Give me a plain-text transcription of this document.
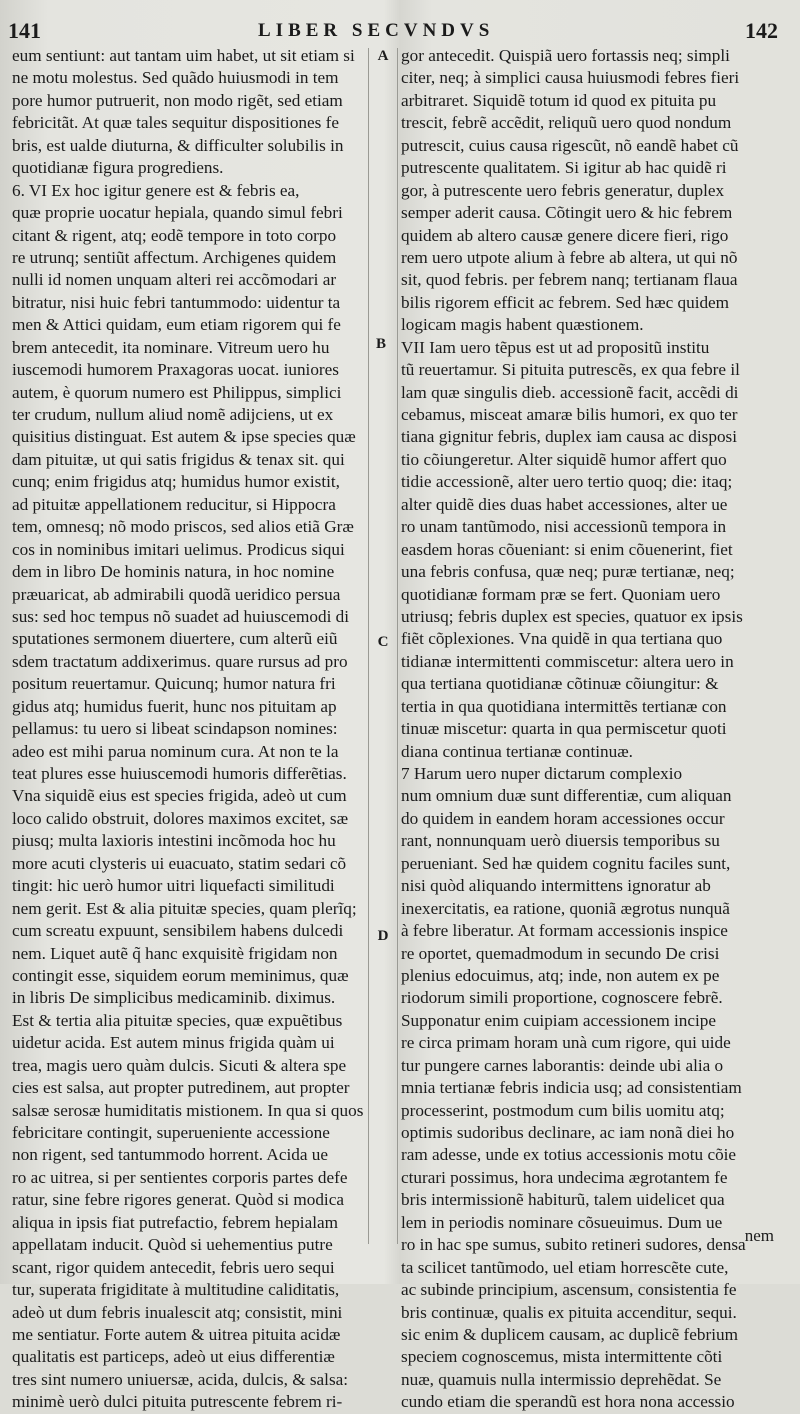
141	LIBER SECVNDVS	142
A
B
C
D
eum sentiunt: aut tantam uim habet, ut sit etiam si
ne motu molestus. Sed quãdo huiusmodi in tem
pore humor putruerit, non modo rigẽt, sed etiam
febricitãt. At quæ tales sequitur dispositiones fe
bris, est ualde diuturna, & difficulter solubilis in
quotidianæ figura progrediens.
6. VI Ex hoc igitur genere est & febris ea,
quæ proprie uocatur hepiala, quando simul febri
citant & rigent, atq; eodẽ tempore in toto corpo
re utrunq; sentiũt affectum. Archigenes quidem
nulli id nomen unquam alteri rei accõmodari ar
bitratur, nisi huic febri tantummodo: uidentur ta
men & Attici quidam, eum etiam rigorem qui fe
brem antecedit, ita nominare. Vitreum uero hu
iuscemodi humorem Praxagoras uocat. iuniores
autem, è quorum numero est Philippus, simplici
ter crudum, nullum aliud nomẽ adijciens, ut ex
quisitius distinguat. Est autem & ipse species quæ
dam pituitæ, ut qui satis frigidus & tenax sit. qui
cunq; enim frigidus atq; humidus humor existit,
ad pituitæ appellationem reducitur, si Hippocra
tem, omnesq; nõ modo priscos, sed alios etiã Græ
cos in nominibus imitari uelimus. Prodicus siqui
dem in libro De hominis natura, in hoc nomine
præuaricat, ab admirabili quodã ueridico persua
sus: sed hoc tempus nõ suadet ad huiuscemodi di
sputationes sermonem diuertere, cum alterũ eiũ
sdem tractatum addixerimus. quare rursus ad pro
positum reuertamur. Quicunq; humor natura fri
gidus atq; humidus fuerit, hunc nos pituitam ap
pellamus: tu uero si libeat scindapson nomines:
adeo est mihi parua nominum cura. At non te la
teat plures esse huiuscemodi humoris differẽtias.
Vna siquidẽ eius est species frigida, adeò ut cum
loco calido obstruit, dolores maximos excitet, sæ
piusq; multa laxioris intestini incõmoda hoc hu
more acuti clysteris ui euacuato, statim sedari cõ
tingit: hic uerò humor uitri liquefacti similitudi
nem gerit. Est & alia pituitæ species, quam plerĩq;
cum screatu expuunt, sensibilem habens dulcedi
nem. Liquet autẽ q̃ hanc exquisitè frigidam non
contingit esse, siquidem eorum meminimus, quæ
in libris De simplicibus medicaminib. diximus.
Est & tertia alia pituitæ species, quæ expuẽtibus
uidetur acida. Est autem minus frigida quàm ui
trea, magis uero quàm dulcis. Sicuti & altera spe
cies est salsa, aut propter putredinem, aut propter
salsæ serosæ humiditatis mistionem. In qua si quos
febricitare contingit, superueniente accessione
non rigent, sed tantummodo horrent. Acida ue
ro ac uitrea, si per sentientes corporis partes defe
ratur, sine febre rigores generat. Quòd si modica
aliqua in ipsis fiat putrefactio, febrem hepialam
appellatam inducit. Quòd si uehementius putre
scant, rigor quidem antecedit, febris uero sequi
tur, superata frigiditate à multitudine caliditatis,
adeò ut dum febris inualescit atq; consistit, mini
me sentiatur. Forte autem & uitrea pituita acidæ
qualitatis est particeps, adeò ut eius differentiæ
tres sint numero uniuersæ, acida, dulcis, & salsa:
minimè uerò dulci pituita putrescente febrem ri-
gor antecedit. Quispiã uero fortassis neq; simpli
citer, neq; à simplici causa huiusmodi febres fieri
arbitraret. Siquidẽ totum id quod ex pituita pu
trescit, febrẽ accẽdit, reliquũ uero quod nondum
putrescit, cuius causa rigescũt, nõ eandẽ habet cũ
putrescente qualitatem. Si igitur ab hac quidẽ ri
gor, à putrescente uero febris generatur, duplex
semper aderit causa. Cõtingit uero & hic febrem
quidem ab altero causæ genere dicere fieri, rigo
rem uero utpote alium à febre ab altera, ut qui nõ
sit, quod febris. per febrem nanq; tertianam flaua
bilis rigorem efficit ac febrem. Sed hæc quidem
logicam magis habent quæstionem.
VII Iam uero tẽpus est ut ad propositũ institu
tũ reuertamur. Si pituita putrescẽs, ex qua febre il
lam quæ singulis dieb. accessionẽ facit, accẽdi di
cebamus, misceat amaræ bilis humori, ex quo ter
tiana gignitur febris, duplex iam causa ac disposi
tio cõiungeretur. Alter siquidẽ humor affert quo
tidie accessionẽ, alter uero tertio quoq; die: itaq;
alter quidẽ dies duas habet accessiones, alter ue
ro unam tantũmodo, nisi accessionũ tempora in
easdem horas cõueniant: si enim cõuenerint, fiet
una febris confusa, quæ neq; puræ tertianæ, neq;
quotidianæ formam præ se fert. Quoniam uero
utriusq; febris duplex est species, quatuor ex ipsis
fiẽt cõplexiones. Vna quidẽ in qua tertiana quo
tidianæ intermittenti commiscetur: altera uero in
qua tertiana quotidianæ cõtinuæ cõiungitur: &
tertia in qua quotidiana intermittẽs tertianæ con
tinuæ miscetur: quarta in qua permiscetur quoti
diana continua tertianæ continuæ.
7 Harum uero nuper dictarum complexio
num omnium duæ sunt differentiæ, cum aliquan
do quidem in eandem horam accessiones occur
rant, nonnunquam uerò diuersis temporibus su
perueniant. Sed hæ quidem cognitu faciles sunt,
nisi quòd aliquando intermittens ignoratur ab
inexercitatis, ea ratione, quoniã ægrotus nunquã
à febre liberatur. At formam accessionis inspice
re oportet, quemadmodum in secundo De crisi
plenius edocuimus, atq; inde, non autem ex pe
riodorum simili proportione, cognoscere febrẽ.
Supponatur enim cuipiam accessionem incipe
re circa primam horam unà cum rigore, qui uide
tur pungere carnes laborantis: deinde ubi alia o
mnia tertianæ febris indicia usq; ad consistentiam
processerint, postmodum cum bilis uomitu atq;
optimis sudoribus declinare, ac iam nonã diei ho
ram adesse, unde ex totius accessionis motu cõie
cturari possimus, hora undecima ægrotantem fe
bris intermissionẽ habiturũ, talem uidelicet qua
lem in periodis nominare cõsueuimus. Dum ue
ro in hac spe sumus, subito retineri sudores, densa
ta scilicet tantũmodo, uel etiam horrescẽte cute,
ac subinde principium, ascensum, consistentia fe
bris continuæ, qualis ex pituita accenditur, sequi.
sic enim & duplicem causam, ac duplicẽ febrium
speciem cognoscemus, mista intermittente cõti
nuæ, quamuis nulla intermissio deprehẽdat. Se
cundo etiam die sperandũ est hora nona accessio
nem
